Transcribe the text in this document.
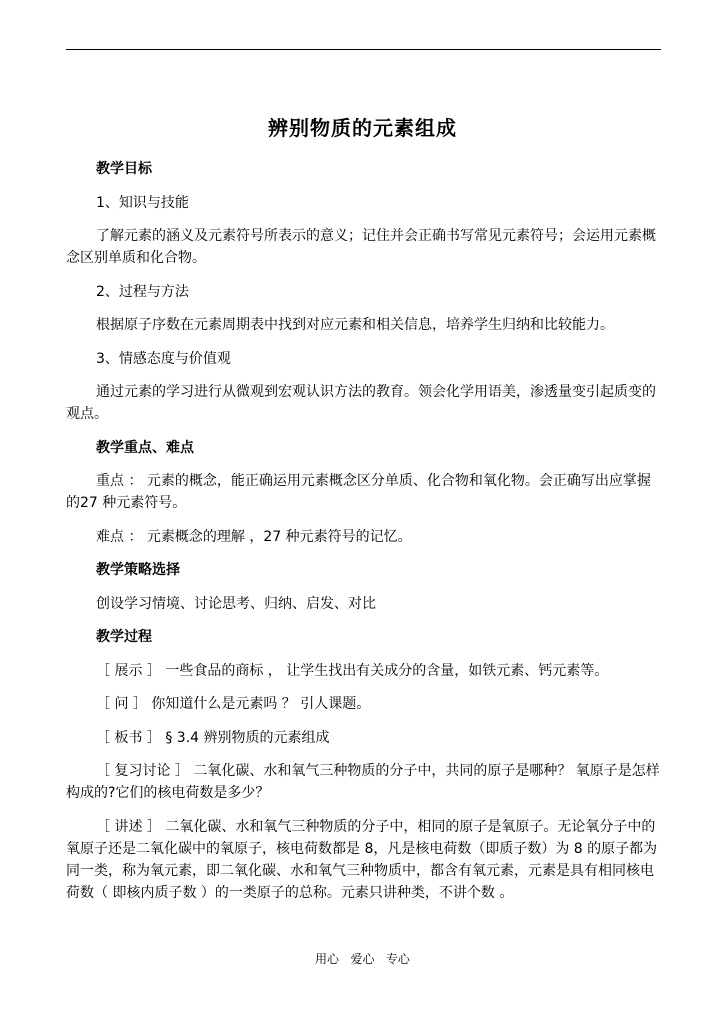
辨别物质的元素组成

教学目标

1、知识与技能

了解元素的涵义及元素符号所表示的意义；记住并会正确书写常见元素符号；会运用元素概念区别单质和化合物。

2、过程与方法

根据原子序数在元素周期表中找到对应元素和相关信息，培养学生归纳和比较能力。

3、情感态度与价值观

通过元素的学习进行从微观到宏观认识方法的教育。领会化学用语美，渗透量变引起质变的观点。

教学重点、难点

重点 ： 元素的概念，能正确运用元素概念区分单质、化合物和氧化物。会正确写出应掌握的27 种元素符号。

难点 ： 元素概念的理解 ，27 种元素符号的记忆。

教学策略选择

创设学习情境、讨论思考、归纳、启发、对比

教学过程

［ 展示 ］ 一些食品的商标 ， 让学生找出有关成分的含量，如铁元素、钙元素等。

［ 问 ］ 你知道什么是元素吗 ？ 引人课题。

［ 板书 ］ § 3.4 辨别物质的元素组成

［ 复习讨论 ］ 二氧化碳、水和氧气三种物质的分子中，共同的原子是哪种？ 氧原子是怎样构成的?它们的核电荷数是多少？

［ 讲述 ］ 二氧化碳、水和氧气三种物质的分子中，相同的原子是氧原子。无论氧分子中的氧原子还是二氧化碳中的氧原子，核电荷数都是 8，凡是核电荷数（即质子数）为 8 的原子都为同一类，称为氧元素，即二氧化碳、水和氧气三种物质中，都含有氧元素，元素是具有相同核电荷数（ 即核内质子数 ）的一类原子的总称。元素只讲种类，不讲个数 。

用心   爱心   专心
